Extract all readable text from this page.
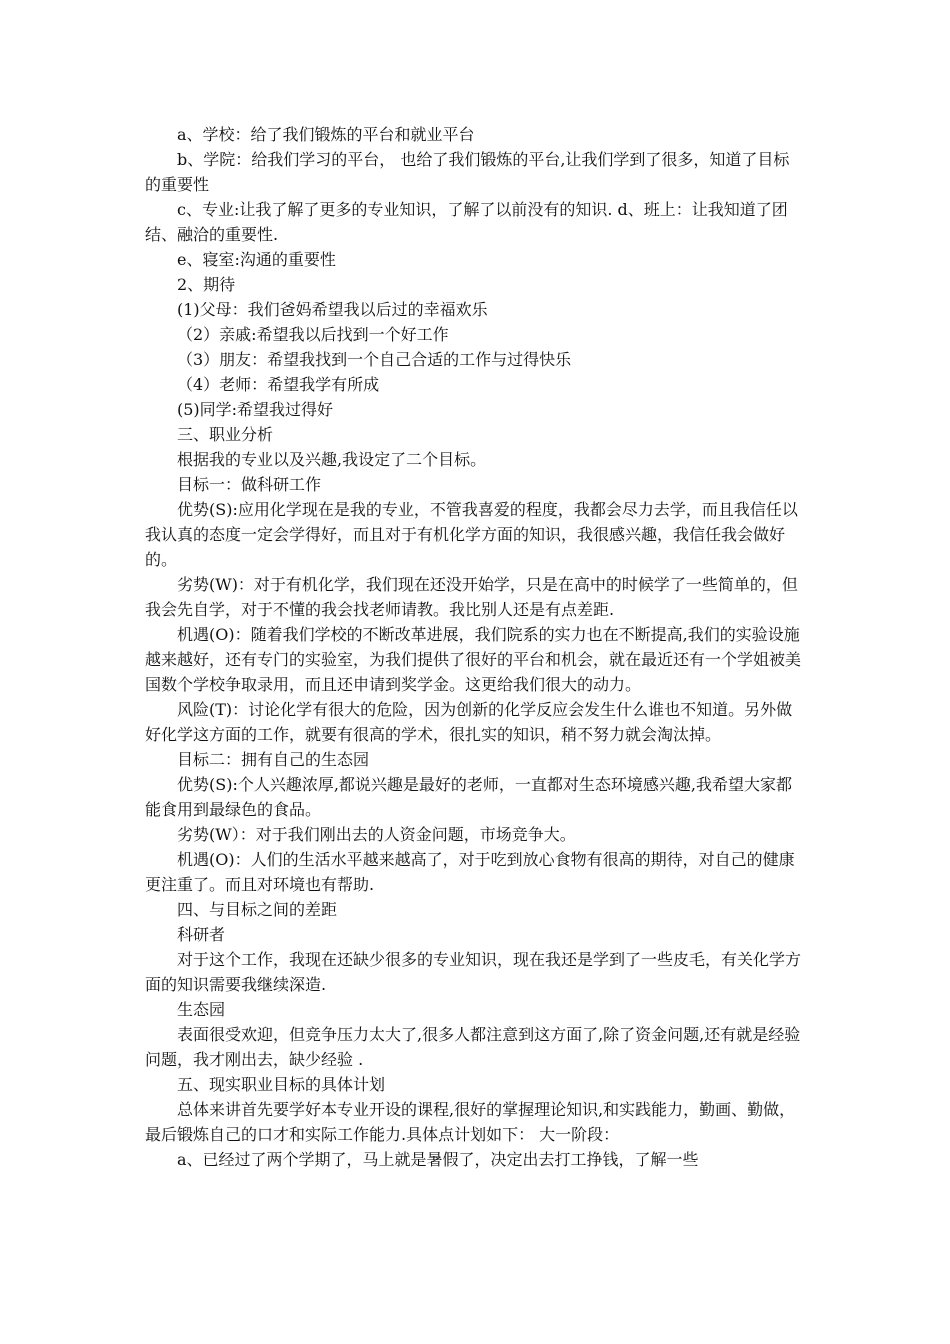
a、学校：给了我们锻炼的平台和就业平台

b、学院：给我们学习的平台， 也给了我们锻炼的平台,让我们学到了很多，知道了目标的重要性

c、专业:让我了解了更多的专业知识，了解了以前没有的知识. d、班上：让我知道了团结、融洽的重要性.

e、寝室:沟通的重要性

2、期待

(1)父母：我们爸妈希望我以后过的幸福欢乐

（2）亲戚:希望我以后找到一个好工作

（3）朋友：希望我找到一个自己合适的工作与过得快乐

（4）老师：希望我学有所成

(5)同学:希望我过得好

三、职业分析

根据我的专业以及兴趣,我设定了二个目标。

目标一：做科研工作

优势(S):应用化学现在是我的专业，不管我喜爱的程度，我都会尽力去学，而且我信任以我认真的态度一定会学得好，而且对于有机化学方面的知识，我很感兴趣，我信任我会做好的。

劣势(W)：对于有机化学，我们现在还没开始学，只是在高中的时候学了一些简单的，但我会先自学，对于不懂的我会找老师请教。我比别人还是有点差距.

机遇(O)：随着我们学校的不断改革进展，我们院系的实力也在不断提高,我们的实验设施越来越好，还有专门的实验室，为我们提供了很好的平台和机会，就在最近还有一个学姐被美国数个学校争取录用，而且还申请到奖学金。这更给我们很大的动力。

风险(T)：讨论化学有很大的危险，因为创新的化学反应会发生什么谁也不知道。另外做好化学这方面的工作，就要有很高的学术，很扎实的知识，稍不努力就会淘汰掉。

目标二：拥有自己的生态园

优势(S):个人兴趣浓厚,都说兴趣是最好的老师，一直都对生态环境感兴趣,我希望大家都能食用到最绿色的食品。

劣势(W）：对于我们刚出去的人资金问题，市场竞争大。

机遇(O)：人们的生活水平越来越高了，对于吃到放心食物有很高的期待，对自己的健康更注重了。而且对环境也有帮助.

四、与目标之间的差距

科研者

对于这个工作，我现在还缺少很多的专业知识，现在我还是学到了一些皮毛，有关化学方面的知识需要我继续深造.

生态园

表面很受欢迎，但竞争压力太大了,很多人都注意到这方面了,除了资金问题,还有就是经验问题，我才刚出去，缺少经验 .

五、现实职业目标的具体计划

总体来讲首先要学好本专业开设的课程,很好的掌握理论知识,和实践能力，勤画、勤做，最后锻炼自己的口才和实际工作能力.具体点计划如下： 大一阶段：

a、已经过了两个学期了，马上就是暑假了，决定出去打工挣钱，了解一些
